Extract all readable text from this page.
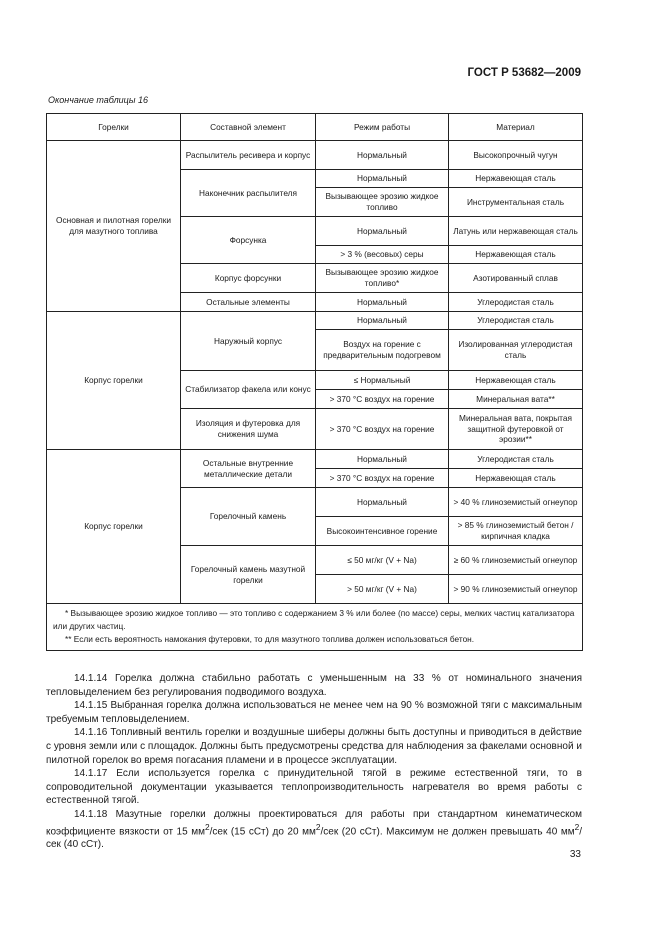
ГОСТ Р 53682—2009
Окончание таблицы 16
Горелки	Составной элемент	Режим работы	Материал
Основная и пилотная горелки для мазутного топлива	Распылитель ресивера и корпус	Нормальный	Высокопрочный чугун
	Наконечник распылителя	Нормальный	Нержавеющая сталь
		Вызывающее эрозию жидкое топливо	Инструментальная сталь
	Форсунка	Нормальный	Латунь или нержавеющая сталь
		> 3 % (весовых) серы	Нержавеющая сталь
	Корпус форсунки	Вызывающее эрозию жидкое топливо*	Азотированный сплав
	Остальные элементы	Нормальный	Углеродистая сталь
Корпус горелки	Наружный корпус	Нормальный	Углеродистая сталь
		Воздух на горение с предварительным подогревом	Изолированная углеродистая сталь
	Стабилизатор факела или конус	≤ Нормальный	Нержавеющая сталь
		> 370 °С воздух на горение	Минеральная вата**
	Изоляция и футеровка для снижения шума	> 370 °С воздух на горение	Минеральная вата, покрытая защитной футеровкой от эрозии**
Корпус горелки	Остальные внутренние металлические детали	Нормальный	Углеродистая сталь
		> 370 °С воздух на горение	Нержавеющая сталь
	Горелочный камень	Нормальный	> 40 % глиноземистый огнеупор
		Высокоинтенсивное горение	> 85 % глиноземистый бетон /кирпичная кладка
	Горелочный камень мазутной горелки	≤ 50 мг/кг (V + Na)	≥ 60 % глиноземистый огнеупор
		> 50 мг/кг (V + Na)	> 90 % глиноземистый огнеупор

* Вызывающее эрозию жидкое топливо — это топливо с содержанием 3 % или более (по массе) серы, мелких частиц катализатора или других частиц.

** Если есть вероятность намокания футеровки, то для мазутного топлива должен использоваться бетон.			

14.1.14 Горелка должна стабильно работать с уменьшенным на 33 % от номинального значения тепловыделением без регулирования подводимого воздуха.

14.1.15 Выбранная горелка должна использоваться не менее чем на 90 % возможной тяги с максимальным требуемым тепловыделением.

14.1.16 Топливный вентиль горелки и воздушные шиберы должны быть доступны и приводиться в действие с уровня земли или с площадок. Должны быть предусмотрены средства для наблюдения за факелами основной и пилотной горелок во время погасания пламени и в процессе эксплуатации.

14.1.17 Если используется горелка с принудительной тягой в режиме естественной тяги, то в сопроводительной документации указывается теплопроизводительность нагревателя во время работы с естественной тягой.

14.1.18 Мазутные горелки должны проектироваться для работы при стандартном кинематическом коэффициенте вязкости от 15 $мм^2$/сек (15 сСт) до 20 $мм^2$/сек (20 сСт). Максимум не должен превышать 40 $мм^2$/сек (40 сСт).

33
